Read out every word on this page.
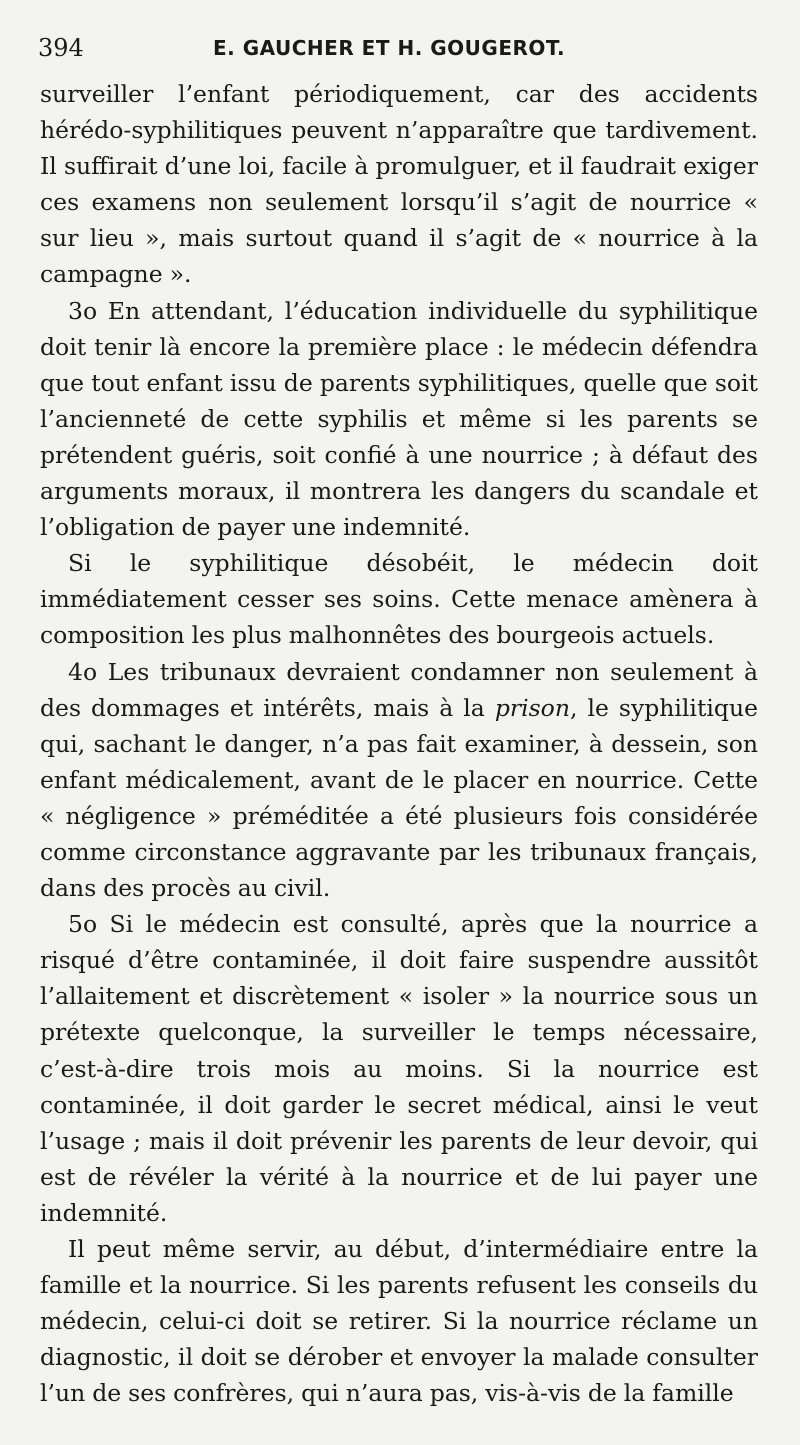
394	E. GAUCHER ET H. GOUGEROT.

surveiller l’enfant périodiquement, car des accidents hérédo-syphilitiques peuvent n’apparaître que tardivement. Il suffirait d’une loi, facile à promulguer, et il faudrait exiger ces examens non seulement lorsqu’il s’agit de nourrice « sur lieu », mais surtout quand il s’agit de « nourrice à la campagne ».

3o En attendant, l’éducation individuelle du syphilitique doit tenir là encore la première place : le médecin défendra que tout enfant issu de parents syphilitiques, quelle que soit l’ancienneté de cette syphilis et même si les parents se prétendent guéris, soit confié à une nourrice ; à défaut des arguments moraux, il montrera les dangers du scandale et l’obligation de payer une indemnité.

Si le syphilitique désobéit, le médecin doit immédiatement cesser ses soins. Cette menace amènera à composition les plus malhonnêtes des bourgeois actuels.

4o Les tribunaux devraient condamner non seulement à des dommages et intérêts, mais à la prison, le syphilitique qui, sachant le danger, n’a pas fait examiner, à dessein, son enfant médicalement, avant de le placer en nourrice. Cette « négligence » préméditée a été plusieurs fois considérée comme circonstance aggravante par les tribunaux français, dans des procès au civil.

5o Si le médecin est consulté, après que la nourrice a risqué d’être contaminée, il doit faire suspendre aussitôt l’allaitement et discrètement « isoler » la nourrice sous un prétexte quelconque, la surveiller le temps nécessaire, c’est-à-dire trois mois au moins. Si la nourrice est contaminée, il doit garder le secret médical, ainsi le veut l’usage ; mais il doit prévenir les parents de leur devoir, qui est de révéler la vérité à la nourrice et de lui payer une indemnité.

Il peut même servir, au début, d’intermédiaire entre la famille et la nourrice. Si les parents refusent les conseils du médecin, celui-ci doit se retirer. Si la nourrice réclame un diagnostic, il doit se dérober et envoyer la malade consulter l’un de ses confrères, qui n’aura pas, vis-à-vis de la famille
